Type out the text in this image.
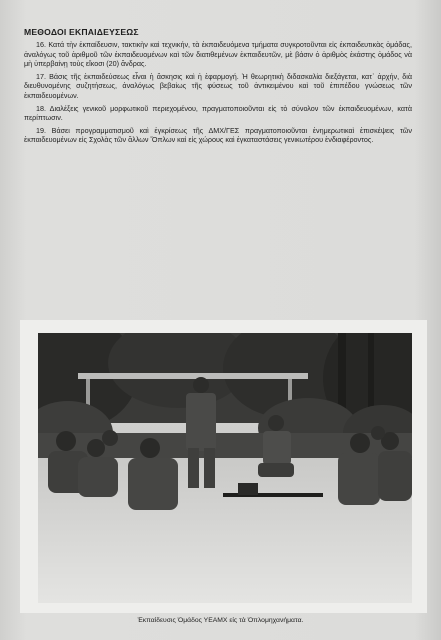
ΜΕΘΟΔΟΙ ΕΚΠΑΙΔΕΥΣΕΩΣ

16. Κατά τὴν ἐκπαίδευσιν, τακτικὴν καὶ τεχνικήν, τὰ ἐκπαιδευόμενα τμήματα συγκροτοῦνται εἰς ἐκπαιδευτικὰς ὁμάδας, ἀναλόγως τοῦ ἀριθμοῦ τῶν ἐκπαιδευομένων καὶ τῶν διατιθεμένων ἐκπαιδευτῶν, μὲ βάσιν ὁ ἀριθμὸς ἑκάστης ὁμάδος νὰ μὴ ὑπερβαίνῃ τοὺς εἴκοσι (20) ἄνδρας.

17. Βάσις τῆς ἐκπαιδεύσεως εἶναι ἡ ἄσκησις καὶ ἡ ἐφαρμογή. Ἡ θεωρητικὴ διδασκαλία διεξάγεται, κατ᾽ ἀρχήν, διὰ διευθυνομένης συζητήσεως, ἀναλόγως βεβαίως τῆς φύσεως τοῦ ἀντικειμένου καὶ τοῦ ἐπιπέδου γνώσεως τῶν ἐκπαιδευομένων.

18. Διαλέξεις γενικοῦ μορφωτικοῦ περιεχομένου, πραγματοποιοῦνται εἰς τὸ σύνολον τῶν ἐκπαιδευομένων, κατὰ περίπτωσιν.

19. Βάσει προγραμματισμοῦ καὶ ἐγκρίσεως τῆς ΔΜΧ/ΓΕΣ πραγματοποιοῦνται ἐνημερωτικαὶ ἐπισκέψεις τῶν ἐκπαιδευομένων εἰς Σχολὰς τῶν ἄλλων Ὅπλων καὶ εἰς χώρους καὶ ἐγκαταστάσεις γενικωτέρου ἐνδιαφέροντος.

Ἐκπαίδευσις Ὁμάδος ΥΕΑΜΧ εἰς τὰ Ὁπλομηχανήματα.
